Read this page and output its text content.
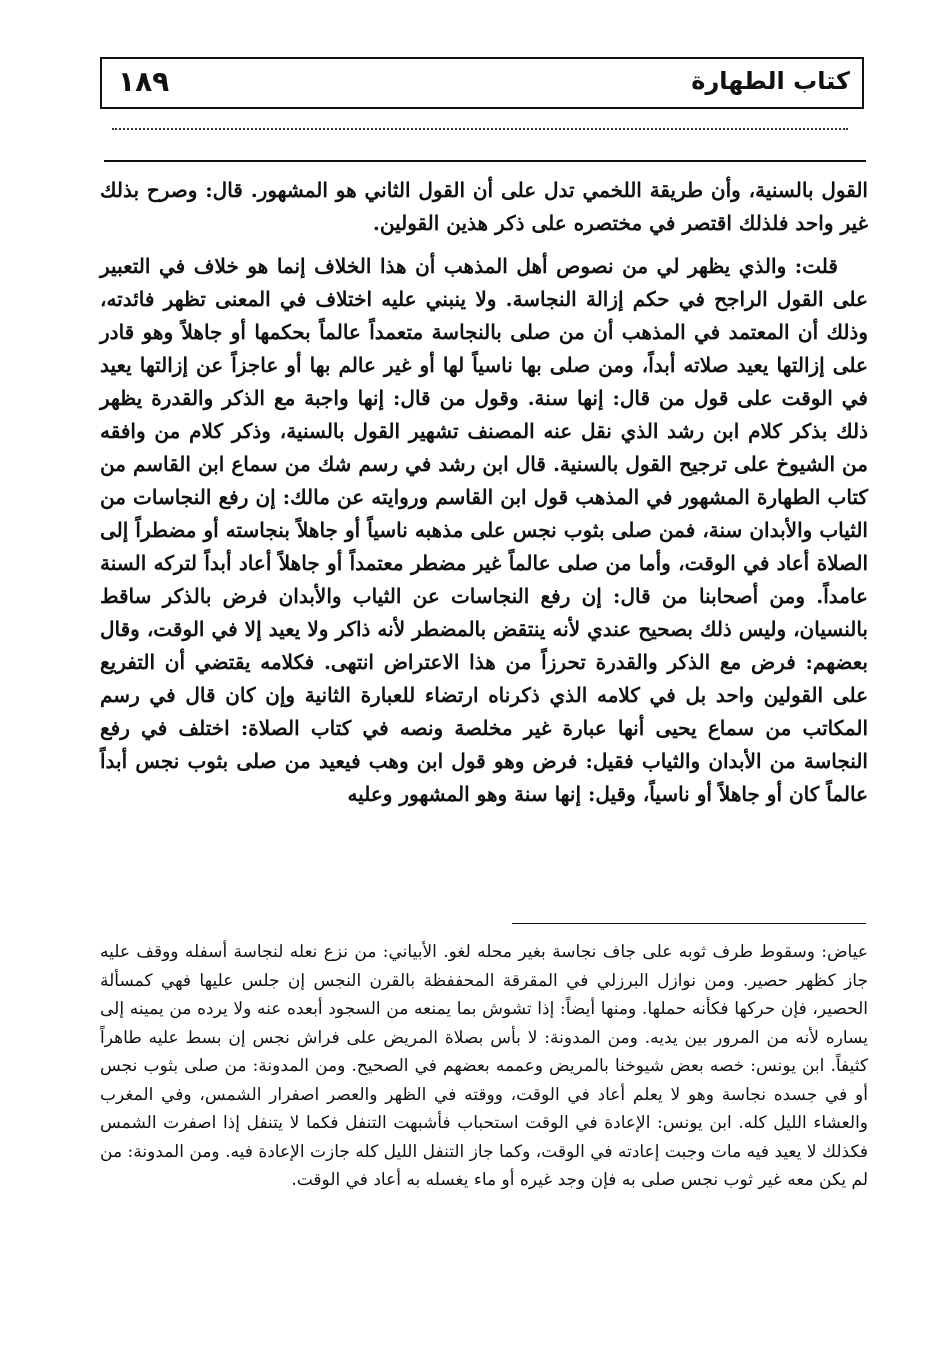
١٨٩	كتاب الطهارة

القول بالسنية، وأن طريقة اللخمي تدل على أن القول الثاني هو المشهور. قال: وصرح بذلك غير واحد فلذلك اقتصر في مختصره على ذكر هذين القولين.

قلت: والذي يظهر لي من نصوص أهل المذهب أن هذا الخلاف إنما هو خلاف في التعبير على القول الراجح في حكم إزالة النجاسة. ولا ينبني عليه اختلاف في المعنى تظهر فائدته، وذلك أن المعتمد في المذهب أن من صلى بالنجاسة متعمداً عالماً بحكمها أو جاهلاً وهو قادر على إزالتها يعيد صلاته أبداً، ومن صلى بها ناسياً لها أو غير عالم بها أو عاجزاً عن إزالتها يعيد في الوقت على قول من قال: إنها سنة. وقول من قال: إنها واجبة مع الذكر والقدرة يظهر ذلك بذكر كلام ابن رشد الذي نقل عنه المصنف تشهير القول بالسنية، وذكر كلام من وافقه من الشيوخ على ترجيح القول بالسنية. قال ابن رشد في رسم شك من سماع ابن القاسم من كتاب الطهارة المشهور في المذهب قول ابن القاسم وروايته عن مالك: إن رفع النجاسات من الثياب والأبدان سنة، فمن صلى بثوب نجس على مذهبه ناسياً أو جاهلاً بنجاسته أو مضطراً إلى الصلاة أعاد في الوقت، وأما من صلى عالماً غير مضطر معتمداً أو جاهلاً أعاد أبداً لتركه السنة عامداً. ومن أصحابنا من قال: إن رفع النجاسات عن الثياب والأبدان فرض بالذكر ساقط بالنسيان، وليس ذلك بصحيح عندي لأنه ينتقض بالمضطر لأنه ذاكر ولا يعيد إلا في الوقت، وقال بعضهم: فرض مع الذكر والقدرة تحرزاً من هذا الاعتراض انتهى. فكلامه يقتضي أن التفريع على القولين واحد بل في كلامه الذي ذكرناه ارتضاء للعبارة الثانية وإن كان قال في رسم المكاتب من سماع يحيى أنها عبارة غير مخلصة ونصه في كتاب الصلاة: اختلف في رفع النجاسة من الأبدان والثياب فقيل: فرض وهو قول ابن وهب فيعيد من صلى بثوب نجس أبداً عالماً كان أو جاهلاً أو ناسياً، وقيل: إنها سنة وهو المشهور وعليه

عياض: وسقوط طرف ثوبه على جاف نجاسة بغير محله لغو. الأبياني: من نزع نعله لنجاسة أسفله ووقف عليه جاز كظهر حصير. ومن نوازل البرزلي في المقرقة المحففظة بالقرن النجس إن جلس عليها فهي كمسألة الحصير، فإن حركها فكأنه حملها. ومنها أيضاً: إذا تشوش بما يمنعه من السجود أبعده عنه ولا يرده من يمينه إلى يساره لأنه من المرور بين يديه. ومن المدونة: لا بأس بصلاة المريض على فراش نجس إن بسط عليه طاهراً كثيفاً. ابن يونس: خصه بعض شيوخنا بالمريض وعممه بعضهم في الصحيح. ومن المدونة: من صلى بثوب نجس أو في جسده نجاسة وهو لا يعلم أعاد في الوقت، ووقته في الظهر والعصر اصفرار الشمس، وفي المغرب والعشاء الليل كله. ابن يونس: الإعادة في الوقت استحباب فأشبهت التنفل فكما لا يتنفل إذا اصفرت الشمس فكذلك لا يعيد فيه مات وجبت إعادته في الوقت، وكما جاز التنفل الليل كله جازت الإعادة فيه. ومن المدونة: من لم يكن معه غير ثوب نجس صلى به فإن وجد غيره أو ماء يغسله به أعاد في الوقت.
